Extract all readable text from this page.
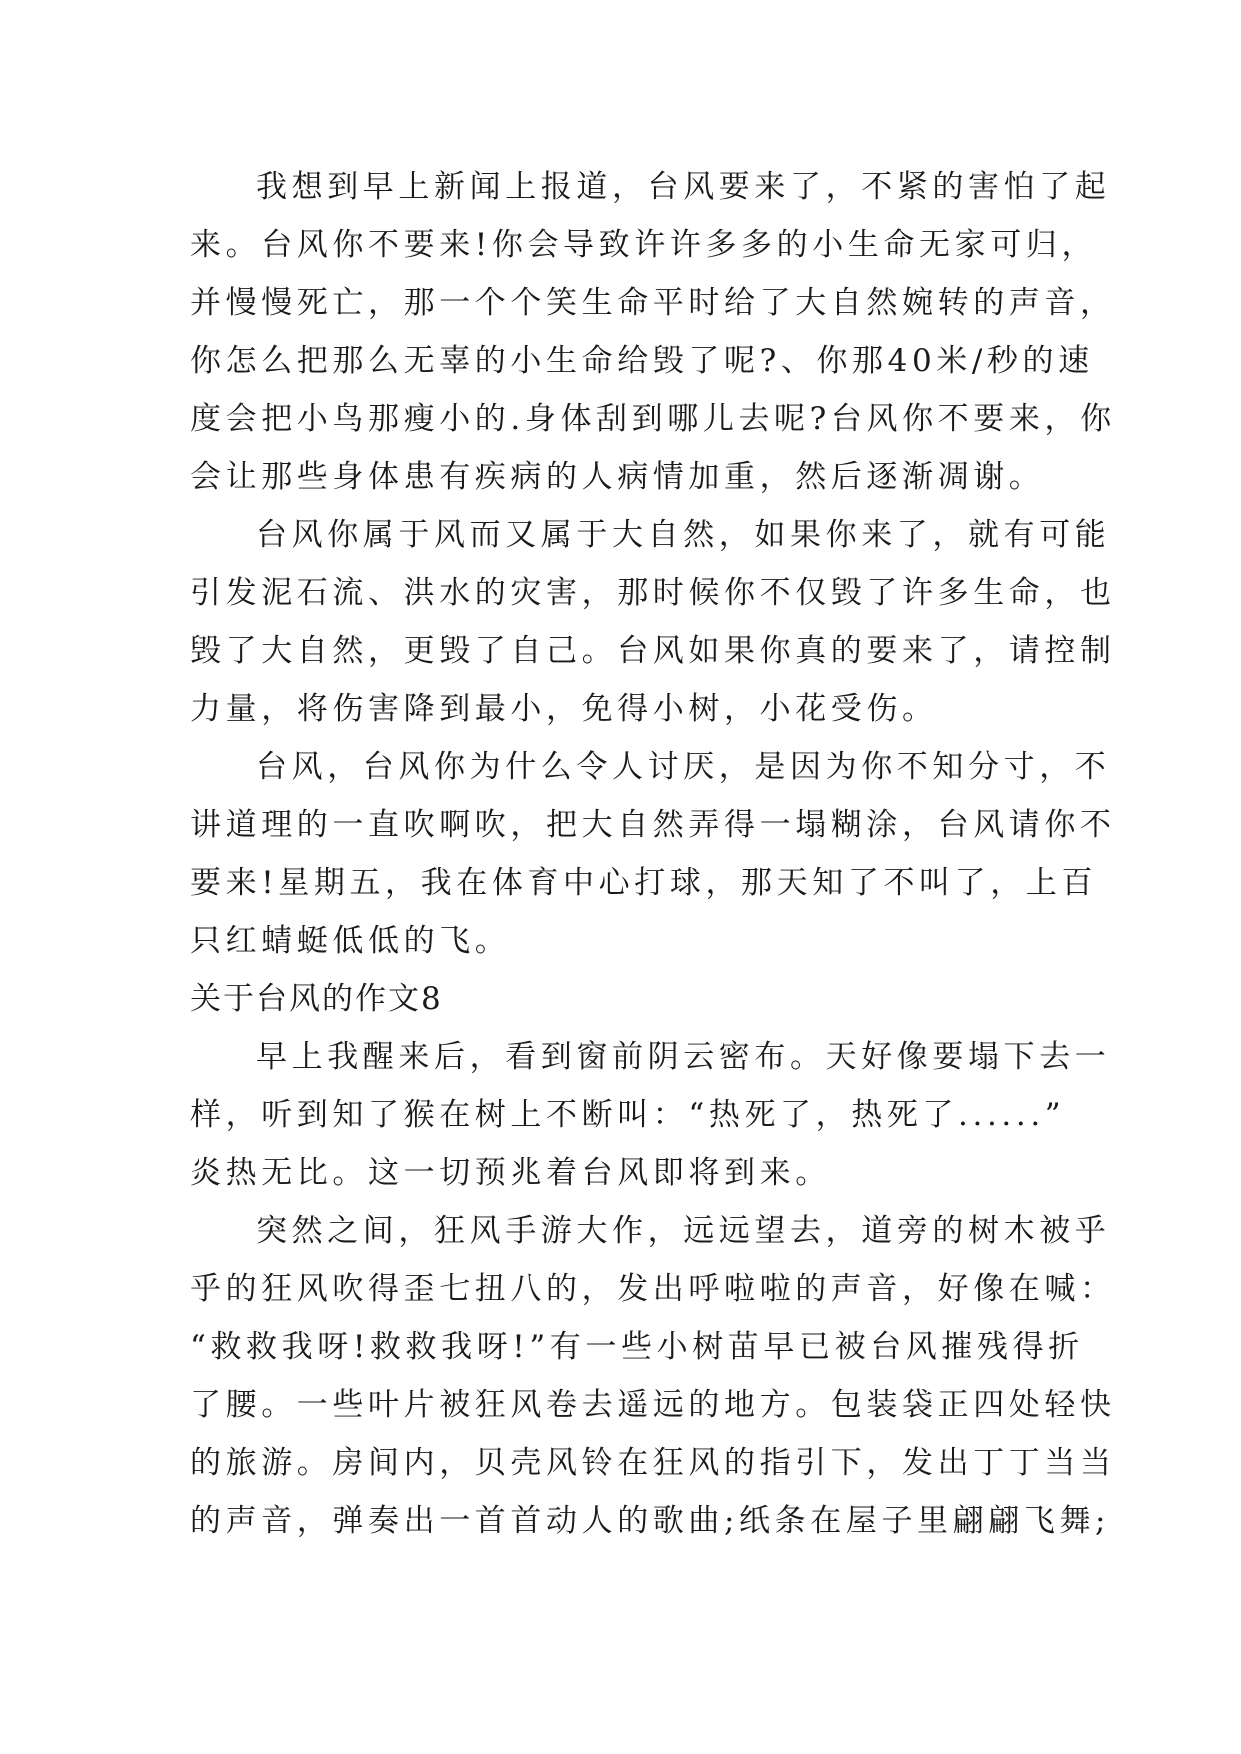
我想到早上新闻上报道，台风要来了，不紧的害怕了起
来。台风你不要来!你会导致许许多多的小生命无家可归，
并慢慢死亡，那一个个笑生命平时给了大自然婉转的声音，
你怎么把那么无辜的小生命给毁了呢?、你那40米/秒的速
度会把小鸟那瘦小的.身体刮到哪儿去呢?台风你不要来，你
会让那些身体患有疾病的人病情加重，然后逐渐凋谢。
台风你属于风而又属于大自然，如果你来了，就有可能
引发泥石流、洪水的灾害，那时候你不仅毁了许多生命，也
毁了大自然，更毁了自己。台风如果你真的要来了，请控制
力量，将伤害降到最小，免得小树，小花受伤。
台风，台风你为什么令人讨厌，是因为你不知分寸，不
讲道理的一直吹啊吹，把大自然弄得一塌糊涂，台风请你不
要来!星期五，我在体育中心打球，那天知了不叫了，上百
只红蜻蜓低低的飞。
关于台风的作文8
早上我醒来后，看到窗前阴云密布。天好像要塌下去一
样，听到知了猴在树上不断叫：“热死了，热死了......”
炎热无比。这一切预兆着台风即将到来。
突然之间，狂风手游大作，远远望去，道旁的树木被乎
乎的狂风吹得歪七扭八的，发出呼啦啦的声音，好像在喊：
“救救我呀!救救我呀!”有一些小树苗早已被台风摧残得折
了腰。一些叶片被狂风卷去遥远的地方。包装袋正四处轻快
的旅游。房间内，贝壳风铃在狂风的指引下，发出丁丁当当
的声音，弹奏出一首首动人的歌曲;纸条在屋子里翩翩飞舞;
